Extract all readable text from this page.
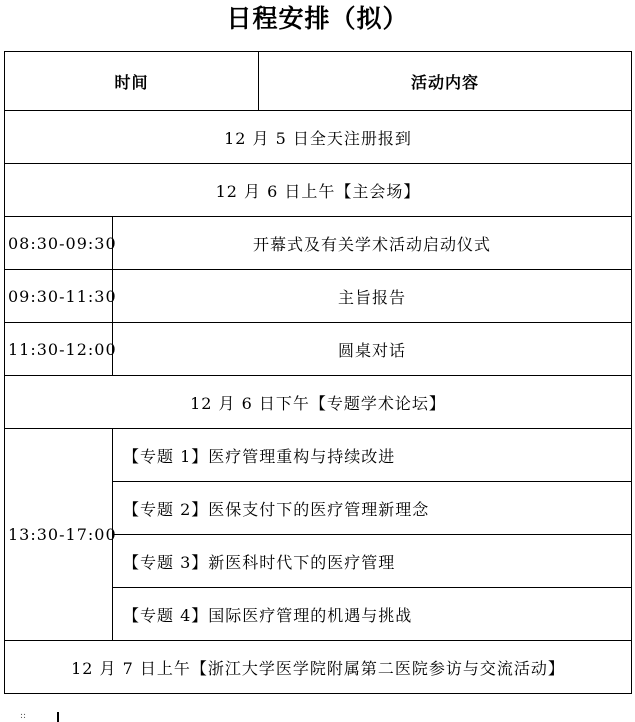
日程安排（拟）
时间		活动内容
12 月 5 日全天注册报到		
12 月 6 日上午【主会场】		
08:30-09:30	开幕式及有关学术活动启动仪式	
09:30-11:30	主旨报告	
11:30-12:00	圆桌对话	
12 月 6 日下午【专题学术论坛】		
13:30-17:00	【专题 1】医疗管理重构与持续改进	
	【专题 2】医保支付下的医疗管理新理念	
	【专题 3】新医科时代下的医疗管理	
	【专题 4】国际医疗管理的机遇与挑战	
12 月 7 日上午【浙江大学医学院附属第二医院参访与交流活动】		
::
